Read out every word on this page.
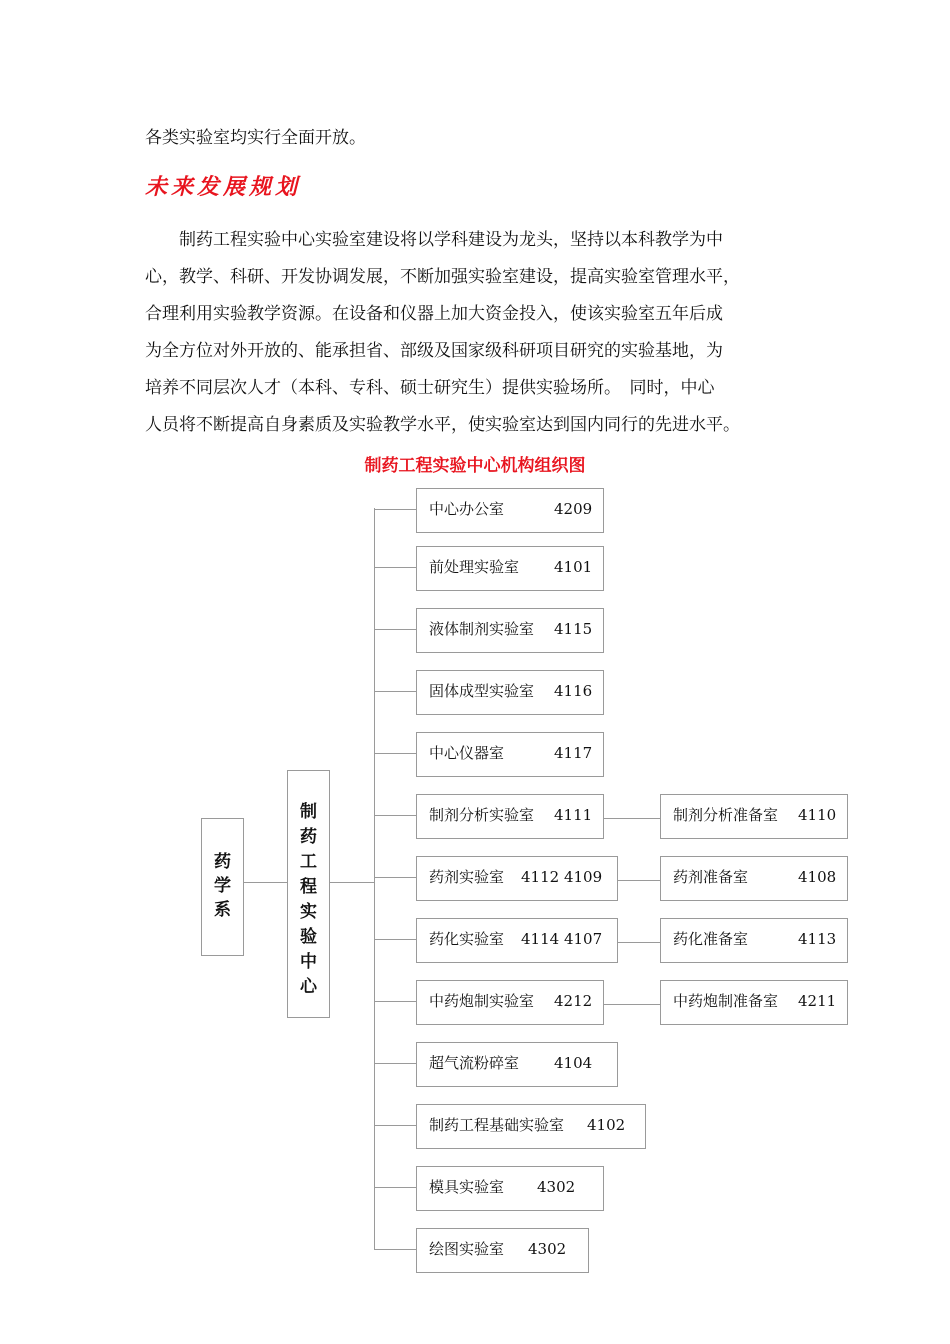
各类实验室均实行全面开放。
未来发展规划
　　制药工程实验中心实验室建设将以学科建设为龙头，坚持以本科教学为中
心，教学、科研、开发协调发展，不断加强实验室建设，提高实验室管理水平，
合理利用实验教学资源。在设备和仪器上加大资金投入，使该实验室五年后成
为全方位对外开放的、能承担省、部级及国家级科研项目研究的实验基地，为
培养不同层次人才（本科、专科、硕士研究生）提供实验场所。　同时，中心
人员将不断提高自身素质及实验教学水平，使实验室达到国内同行的先进水平。
制药工程实验中心机构组织图
药
学
系
制
药
工
程
实
验
中
心
中心办公室	4209
前处理实验室 4101
液体制剂实验室 4115
固体成型实验室 4116
中心仪器室	4117
制剂分析实验室 4111
药剂实验室 4112 4109
药化实验室 4114 4107
中药炮制实验室 4212
超气流粉碎室 4104
制药工程基础实验室 4102
模具实验室 4302
绘图实验室 4302
制剂分析准备室 4110
药剂准备室	4108
药化准备室	4113
中药炮制准备室 4211
